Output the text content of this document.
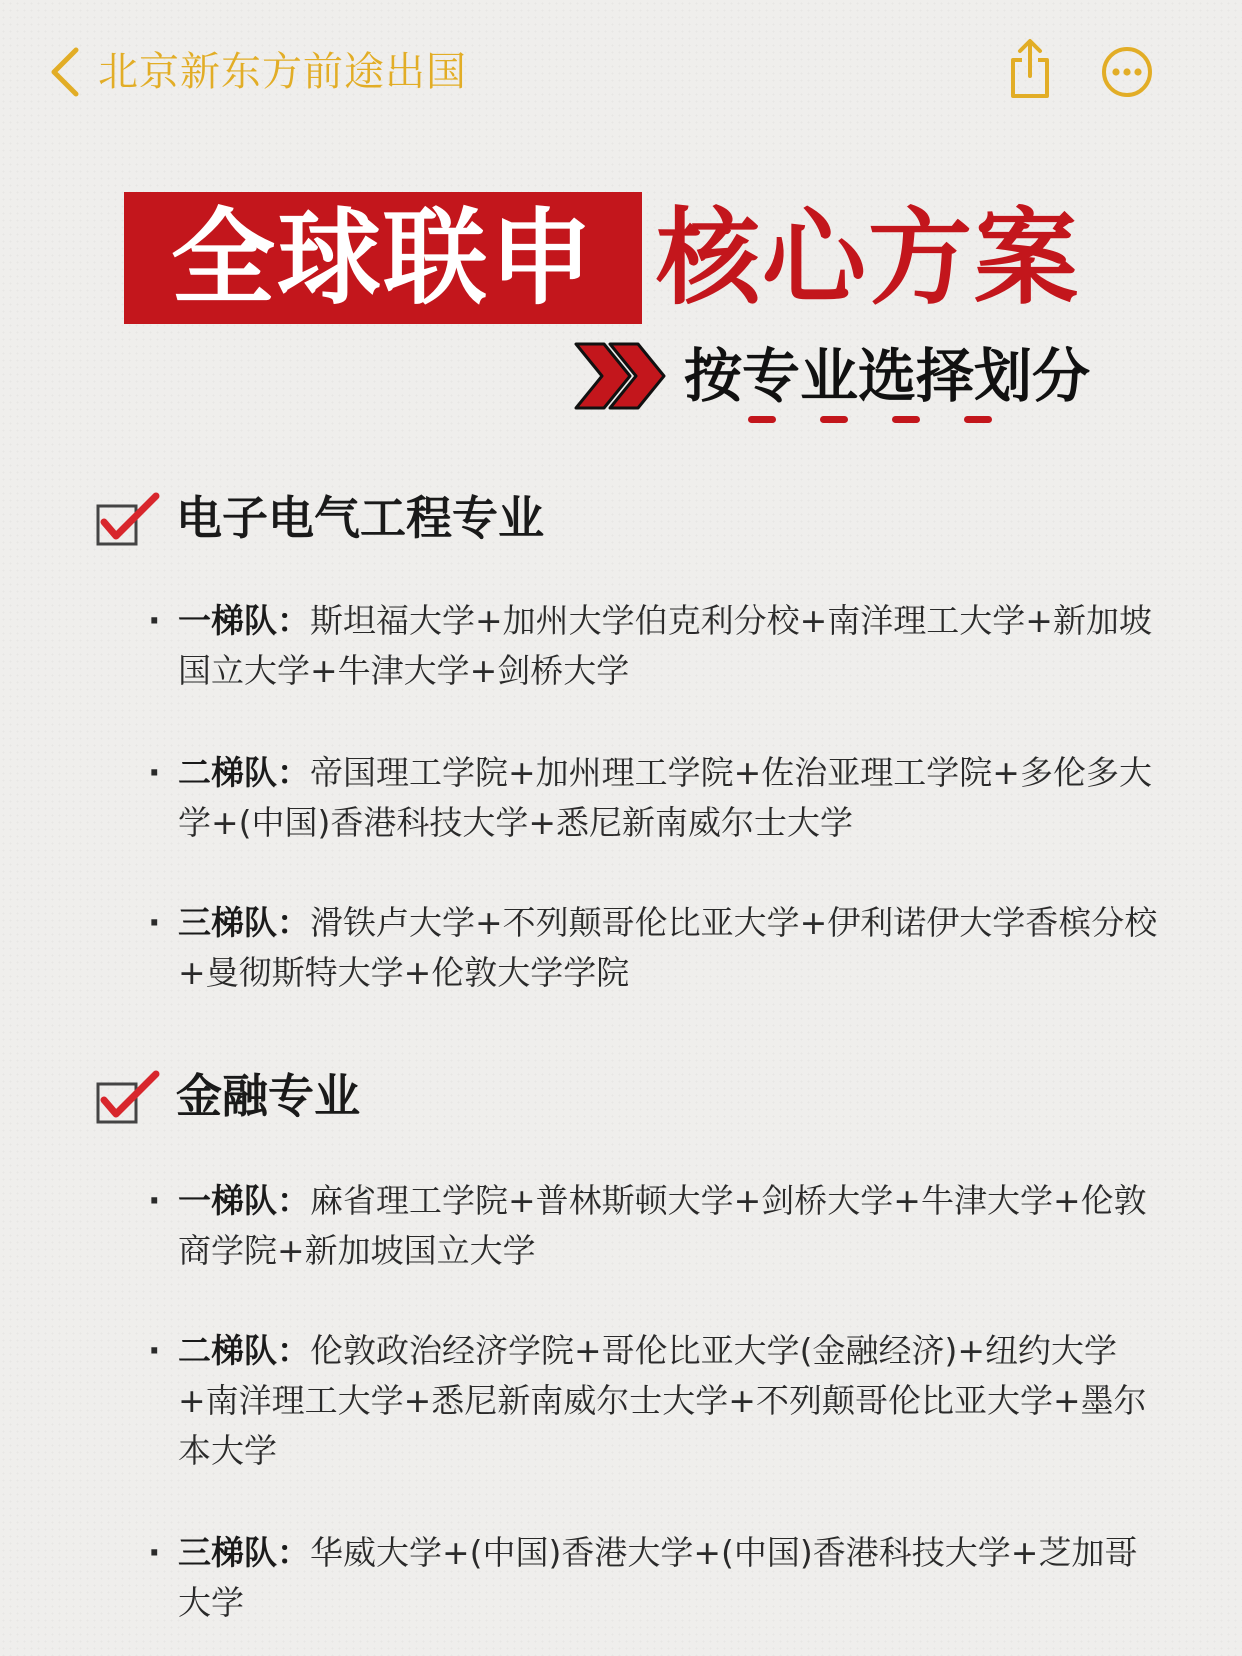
北京新东方前途出国
全球联申 核心方案
按专业选择划分
电子电气工程专业
· 一梯队：斯坦福大学+加州大学伯克利分校+南洋理工大学+新加坡国立大学+牛津大学+剑桥大学
· 二梯队：帝国理工学院+加州理工学院+佐治亚理工学院+多伦多大学+(中国)香港科技大学+悉尼新南威尔士大学
· 三梯队：滑铁卢大学+不列颠哥伦比亚大学+伊利诺伊大学香槟分校+曼彻斯特大学+伦敦大学学院
金融专业
· 一梯队：麻省理工学院+普林斯顿大学+剑桥大学+牛津大学+伦敦商学院+新加坡国立大学
· 二梯队：伦敦政治经济学院+哥伦比亚大学(金融经济)+纽约大学+南洋理工大学+悉尼新南威尔士大学+不列颠哥伦比亚大学+墨尔本大学
· 三梯队：华威大学+(中国)香港大学+(中国)香港科技大学+芝加哥大学
